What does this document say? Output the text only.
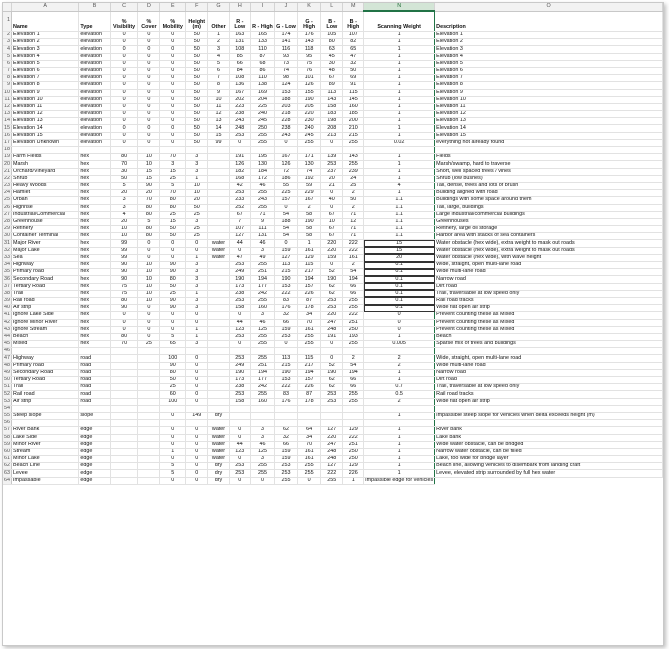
	A	B	C	D	E	F	G	H	I	J	K	L	M	N	O
1	Name	Type	% Visibility	% Cover	% Mobility	Height (m)	Other	R - Low	R - High	G - Low	G - High	B - Low	B - High	Scanning Weight	Description
2	Elevation 1	elevation	0	0	0	50	1	163	165	174	176	105	107	1	Elevation 1
3	Elevation 2	elevation	0	0	0	50	2	131	133	141	143	80	82	1	Elevation 2
4	Elevation 3	elevation	0	0	0	50	3	108	110	116	118	63	65	1	Elevation 3
5	Elevation 4	elevation	0	0	0	50	4	85	87	93	95	45	47	1	Elevation 4
6	Elevation 5	elevation	0	0	0	50	5	66	68	73	75	30	32	1	Elevation 5
7	Elevation 6	elevation	0	0	0	50	6	84	86	74	76	48	50	1	Elevation 6
8	Elevation 7	elevation	0	0	0	50	7	108	110	98	101	67	69	1	Elevation 7
9	Elevation 8	elevation	0	0	0	50	8	136	138	124	126	89	91	1	Elevation 8
10	Elevation 9	elevation	0	0	0	50	9	167	169	153	155	113	115	1	Elevation 9
11	Elevation 10	elevation	0	0	0	50	10	202	204	188	190	143	145	1	Elevation 10
12	Elevation 11	elevation	0	0	0	50	11	223	225	203	205	158	160	1	Elevation 11
13	Elevation 12	elevation	0	0	0	50	12	238	240	218	220	183	185	1	Elevation 12
14	Elevation 13	elevation	0	0	0	50	13	243	245	228	230	198	200	1	Elevation 13
15	Elevation 14	elevation	0	0	0	50	14	248	250	238	240	208	210	1	Elevation 14
16	Elevation 15	elevation	0	0	0	50	15	253	255	243	245	213	215	1	Elevation 15
17	Elevation Unknown	elevation	0	0	0	50	99	0	255	0	255	0	255	0.02	everything not already found
18															
19	Farm Fields	hex	80	10	70	3		191	195	167	171	139	143	1	Fields
20	Marsh	hex	70	10	3	3		126	130	126	130	253	255	1	Marsh/swamp, hard to traverse
21	Orchard/Vineyard	hex	30	15	15	3		182	184	72	74	237	239	1	Short, well spaced trees / vines
22	Shrub	hex	50	15	25	1		168	172	186	192	20	24	1	Shrub (low bushes)
23	Heavy Woods	hex	5	90	5	10		42	46	55	59	21	25	4	Tall, dense, trees and lots of brush
24	Hamlet	hex	20	20	70	10		253	255	225	229	0	2	1	Building aligned with road
25	Urban	hex	3	70	80	20		233	243	157	167	40	50	1.1	Buildings with some space around them
26	Highrise	hex	3	80	80	50		252	255	0	2	0	2	1.1	Tall, large, buildings
27	Industrial/Commercial	hex	4	80	25	25		67	71	54	58	67	71	1.1	Large industrial/commercial buildings
28	Greenhouse	hex	20	5	15	3		7	9	188	190	10	12	1.1	Greenhouses
29	Refinery	hex	10	80	50	25		107	111	54	58	67	71	1.1	Refinery, large oil storage
30	Container Terminal	hex	10	80	50	25		127	131	54	58	67	71	1.1	Harbor area with stacks of sea containers
31	Major River	hex	99	0	0	0	water	44	46	0	1	220	222	15	Water obstacle (hex wide), extra weight to mask out roads
32	Major Lake	hex	99	0	0	0	water	0	3	159	161	220	222	15	Water obstacle (hex wide), extra weight to mask out roads
33	Sea	hex	99	0	0	1	water	47	49	127	129	159	161	20	Water obstacle (hex wide), with wave height
34	Highway	hex	90	10	90	3		253	255	113	115	0	2	0.1	Wide, straight, open multi-lane road
35	Primary road	hex	90	10	90	3		249	251	215	217	52	54	0.1	Wide multi-lane road
36	Secondary Road	hex	90	10	80	3		190	194	190	194	190	194	0.1	Narrow road
37	Tertiary Road	hex	75	10	50	3		173	177	153	157	62	66	0.1	Dirt road
38	Trail	hex	75	10	25	1		238	242	222	226	62	66	0.1	Trail, traversable at low speed only
39	Rail road	hex	80	10	90	3		253	255	83	87	253	255	0.1	Rail road tracks
40	Air strip	hex	90	0	90	3		158	160	176	178	253	255	0.1	Wide flat open air strip
41	Ignore Lake Side	hex	0	0	0	0		0	3	32	34	220	222	0	Prevent counting these as Mixed
42	Ignore Minor River	hex	0	0	0	0		44	46	66	70	247	251	0	Prevent counting these as Mixed
43	Ignore Stream	hex	0	0	0	1		123	125	159	161	248	250	0	Prevent counting these as Mixed
44	Beach	hex	80	0	5	1		253	255	253	255	191	193	1	Beach
45	Mixed	hex	70	25	65	3		0	255	0	255	0	255	0.005	Sparse mix of trees and buildings
46															
47	Highway	road			100	0		253	255	113	115	0	2	2	Wide, straight, open multi-lane road
48	Primary road	road			90	0		249	251	215	217	52	54	2	Wide multi-lane road
49	Secondary Road	road			80	0		190	194	190	194	190	194	1	Narrow road
50	Tertiary Road	road			50	0		173	177	153	157	62	66	1	Dirt road
51	Trail	road			25	0		238	242	222	226	62	66	0.7	Trail, traversable at low speed only
52	Rail road	road			60	0		253	255	83	87	253	255	0.5	Rail road tracks
53	Air strip	road			100	0		158	160	176	178	253	255	2	Wide flat open air strip
54															
55	Steep slope	slope			0	149	dry							1	Impassible steep slope for vehicles when delta exceeds height (m)
56															
57	River Bank	edge			0	0	water	0	3	62	64	127	129	1	River bank
58	Lake Side	edge			0	0	water	0	3	32	34	220	222	1	Lake bank
59	Minor River	edge			0	0	water	44	46	66	70	247	251	1	Wide water obstacle, can be bridged
60	Stream	edge			1	0	water	123	125	159	161	248	250	1	Narrow water obstacle, can be filled
61	Minor Lake	edge			0	0	water	0	3	159	161	248	250	1	Lake, too wide for bridge layer
62	Beach Line	edge			5	0	dry	253	255	253	255	127	129	1	Beach line, allowing vehicles to disembark from landing craft
63	Levee	edge			5	0	dry	253	255	253	255	222	226	1	Levee, elevated strip surrounded by full hex water
64	Impassable	edge			0	0	dry	0	0	255	0	255	1	Impassible edge for vehicles	
